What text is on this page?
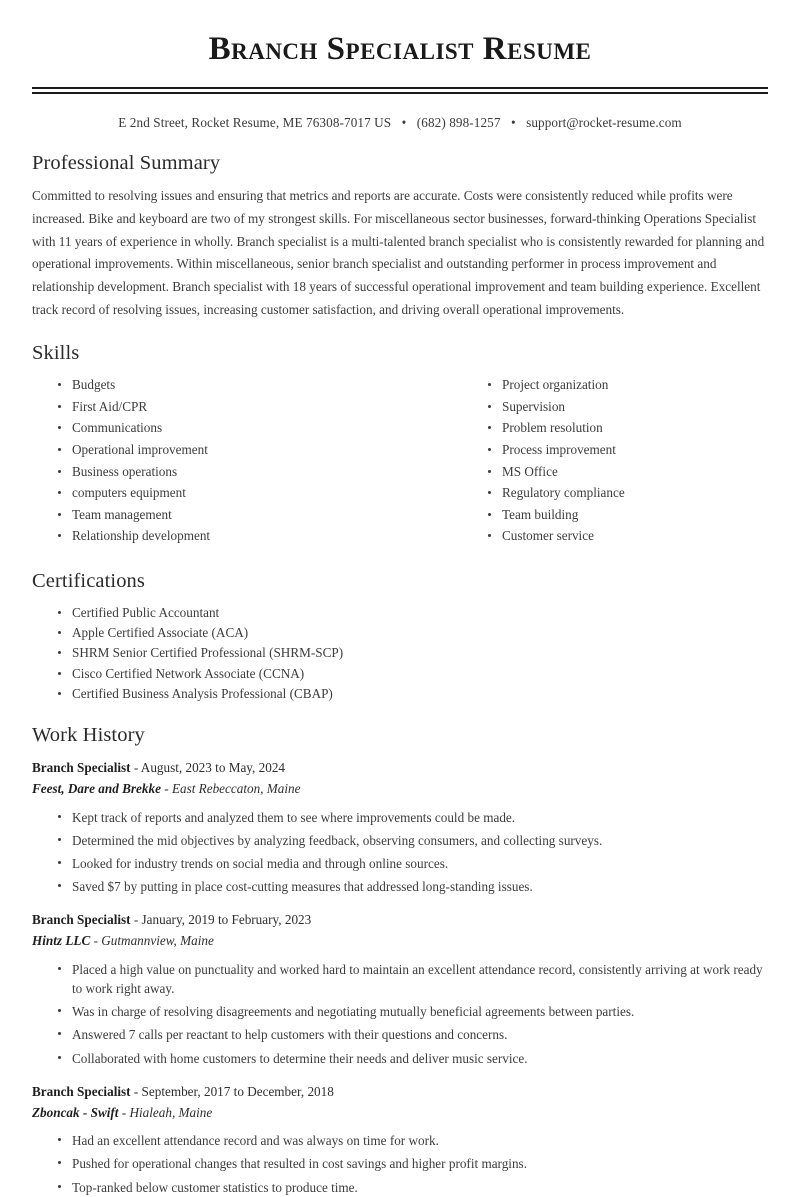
Branch Specialist Resume
E 2nd Street, Rocket Resume, ME 76308-7017 US • (682) 898-1257 • support@rocket-resume.com
Professional Summary

Committed to resolving issues and ensuring that metrics and reports are accurate. Costs were consistently reduced while profits were increased. Bike and keyboard are two of my strongest skills. For miscellaneous sector businesses, forward-thinking Operations Specialist with 11 years of experience in wholly. Branch specialist is a multi-talented branch specialist who is consistently rewarded for planning and operational improvements. Within miscellaneous, senior branch specialist and outstanding performer in process improvement and relationship development. Branch specialist with 18 years of successful operational improvement and team building experience. Excellent track record of resolving issues, increasing customer satisfaction, and driving overall operational improvements.

Skills
Budgets
First Aid/CPR
Communications
Operational improvement
Business operations
computers equipment
Team management
Relationship development
Project organization
Supervision
Problem resolution
Process improvement
MS Office
Regulatory compliance
Team building
Customer service
Certifications
Certified Public Accountant
Apple Certified Associate (ACA)
SHRM Senior Certified Professional (SHRM-SCP)
Cisco Certified Network Associate (CCNA)
Certified Business Analysis Professional (CBAP)
Work History
Branch Specialist - August, 2023 to May, 2024
Feest, Dare and Brekke - East Rebeccaton, Maine
Kept track of reports and analyzed them to see where improvements could be made.
Determined the mid objectives by analyzing feedback, observing consumers, and collecting surveys.
Looked for industry trends on social media and through online sources.
Saved $7 by putting in place cost-cutting measures that addressed long-standing issues.
Branch Specialist - January, 2019 to February, 2023
Hintz LLC - Gutmannview, Maine
Placed a high value on punctuality and worked hard to maintain an excellent attendance record, consistently arriving at work ready to work right away.
Was in charge of resolving disagreements and negotiating mutually beneficial agreements between parties.
Answered 7 calls per reactant to help customers with their questions and concerns.
Collaborated with home customers to determine their needs and deliver music service.
Branch Specialist - September, 2017 to December, 2018
Zboncak - Swift - Hialeah, Maine
Had an excellent attendance record and was always on time for work.
Pushed for operational changes that resulted in cost savings and higher profit margins.
Top-ranked below customer statistics to produce time.
